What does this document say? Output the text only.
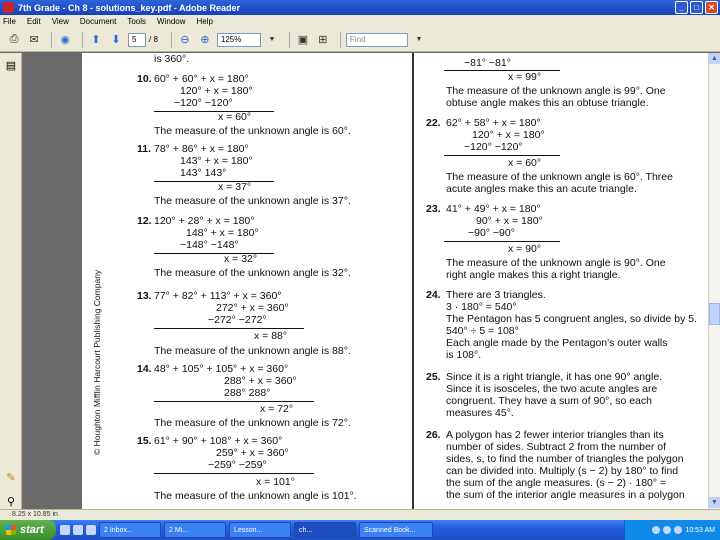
7th Grade - Ch 8 - solutions_key.pdf - Adobe Reader	_	□	✕
File Edit View Document Tools Window Help
⎙ ✉	◉	⬆ ⬇	5	/ 8	⊖ ⊕	125%	▼	▣ ⊞	Find	▼
▤
✎
⚲
is 360°.
10. 60° + 60° + x = 180°
120° + x = 180°
−120° −120°
x = 60°
The measure of the unknown angle is 60°.
11. 78° + 86° + x = 180°
143° + x = 180°
143° 143°
x = 37°
The measure of the unknown angle is 37°.
12. 120° + 28° + x = 180°
148° + x = 180°
−148° −148°
x = 32°
The measure of the unknown angle is 32°.
13. 77° + 82° + 113° + x = 360°
272° + x = 360°
−272° −272°
x = 88°
The measure of the unknown angle is 88°.
14. 48° + 105° + 105° + x = 360°
288° + x = 360°
288° 288°
x = 72°
The measure of the unknown angle is 72°.
15. 61° + 90° + 108° + x = 360°
259° + x = 360°
−259° −259°
x = 101°
The measure of the unknown angle is 101°.
−81° −81°
x = 99°
The measure of the unknown angle is 99°. One
obtuse angle makes this an obtuse triangle.
22. 62° + 58° + x = 180°
120° + x = 180°
−120° −120°
x = 60°
The measure of the unknown angle is 60°. Three
acute angles make this an acute triangle.
23. 41° + 49° + x = 180°
90° + x = 180°
−90° −90°
x = 90°
The measure of the unknown angle is 90°. One
right angle makes this a right triangle.
24. There are 3 triangles.
3 · 180° = 540°
The Pentagon has 5 congruent angles, so divide by 5.
540° ÷ 5 = 108°
Each angle made by the Pentagon's outer walls
is 108°.
25. Since it is a right triangle, it has one 90° angle.
Since it is isosceles, the two acute angles are
congruent. They have a sum of 90°, so each
measures 45°.
26. A polygon has 2 fewer interior triangles than its
number of sides. Subtract 2 from the number of
sides, s, to find the number of triangles the polygon
can be divided into. Multiply (s − 2) by 180° to find
the sum of the angle measures. (s − 2) · 180° =
the sum of the interior angle measures in a polygon
© Houghton Mifflin Harcourt Publishing Company
▲
▼
8.25 x 10.85 in
start	2 Inbox...	2 Mi...	Lesson...	ch...	Scanned Book...	10:53 AM
